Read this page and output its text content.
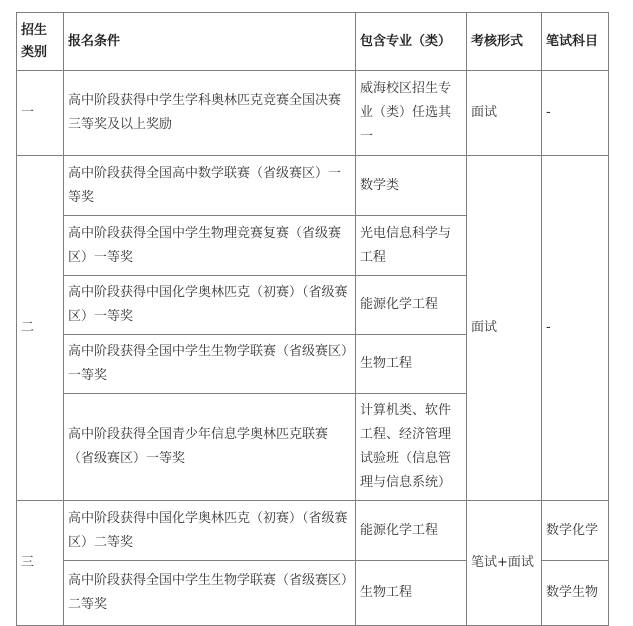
招生类别	报名条件	包含专业（类）	考核形式	笔试科目
一	高中阶段获得中学生学科奥林匹克竞赛全国决赛三等奖及以上奖励	威海校区招生专业（类）任选其一	面试	-
二	高中阶段获得全国高中数学联赛（省级赛区）一等奖	数学类	面试	-
	高中阶段获得全国中学生物理竞赛复赛（省级赛区）一等奖	光电信息科学与工程		
	高中阶段获得中国化学奥林匹克（初赛）（省级赛区）一等奖	能源化学工程		
	高中阶段获得全国中学生生物学联赛（省级赛区）一等奖	生物工程		
	高中阶段获得全国青少年信息学奥林匹克联赛（省级赛区）一等奖	计算机类、软件工程、经济管理试验班（信息管理与信息系统）		
三	高中阶段获得中国化学奥林匹克（初赛）（省级赛区）二等奖	能源化学工程	笔试+面试	数学化学
	高中阶段获得全国中学生生物学联赛（省级赛区）二等奖	生物工程		数学生物
